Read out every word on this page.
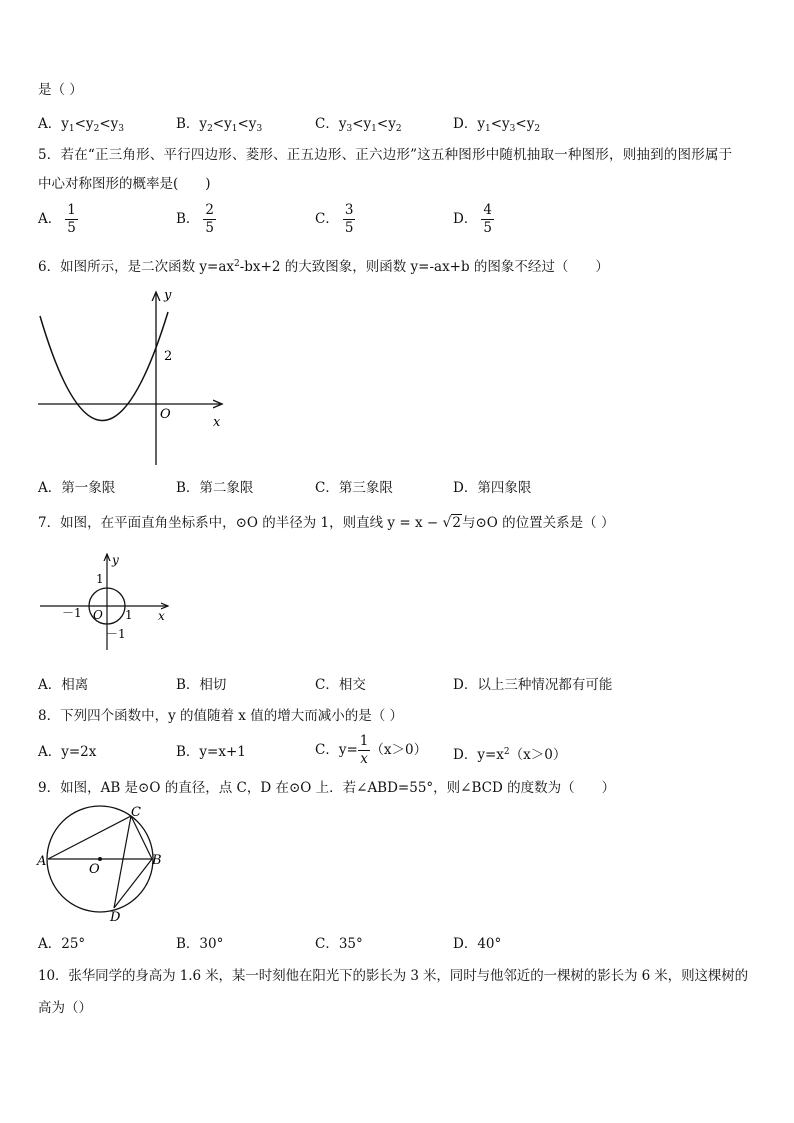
是（ ）
A．$y_1<y_2<y_3$	B．$y_2<y_1<y_3$	C．$y_3<y_1<y_2$	D．$y_1<y_3<y_2$
5．若在“正三角形、平行四边形、菱形、正五边形、正六边形”这五种图形中随机抽取一种图形，则抽到的图形属于
中心对称图形的概率是(　　)
A． $\frac{1}{5}$	B． $\frac{2}{5}$	C． $\frac{3}{5}$	D． $\frac{4}{5}$
6．如图所示，是二次函数 $y=ax^2-bx+2$ 的大致图象，则函数 y=-ax+b 的图象不经过（　　）
y
x
O
2
A．第一象限	B．第二象限	C．第三象限	D．第四象限
7．如图，在平面直角坐标系中，⊙O 的半径为 1，则直线 y = x − √2与⊙O 的位置关系是（ ）
y
x
O
1
1
－1
－1
A．相离	B．相切	C．相交	D．以上三种情况都有可能
8．下列四个函数中，y 的值随着 x 值的增大而减小的是（ ）
A．y=2x	B．y=x+1	C．$y= \frac{1}{x} (x>0)$ D．$y=x^2(x>0)$
9．如图，AB 是⊙O 的直径，点 C，D 在⊙O 上．若∠ABD=55°，则∠BCD 的度数为（　　）
A	B
C
D
O
A．25°	B．30°	C．35°	D．40°
10．张华同学的身高为 1.6 米，某一时刻他在阳光下的影长为 3 米，同时与他邻近的一棵树的影长为 6 米，则这棵树的
高为（）
